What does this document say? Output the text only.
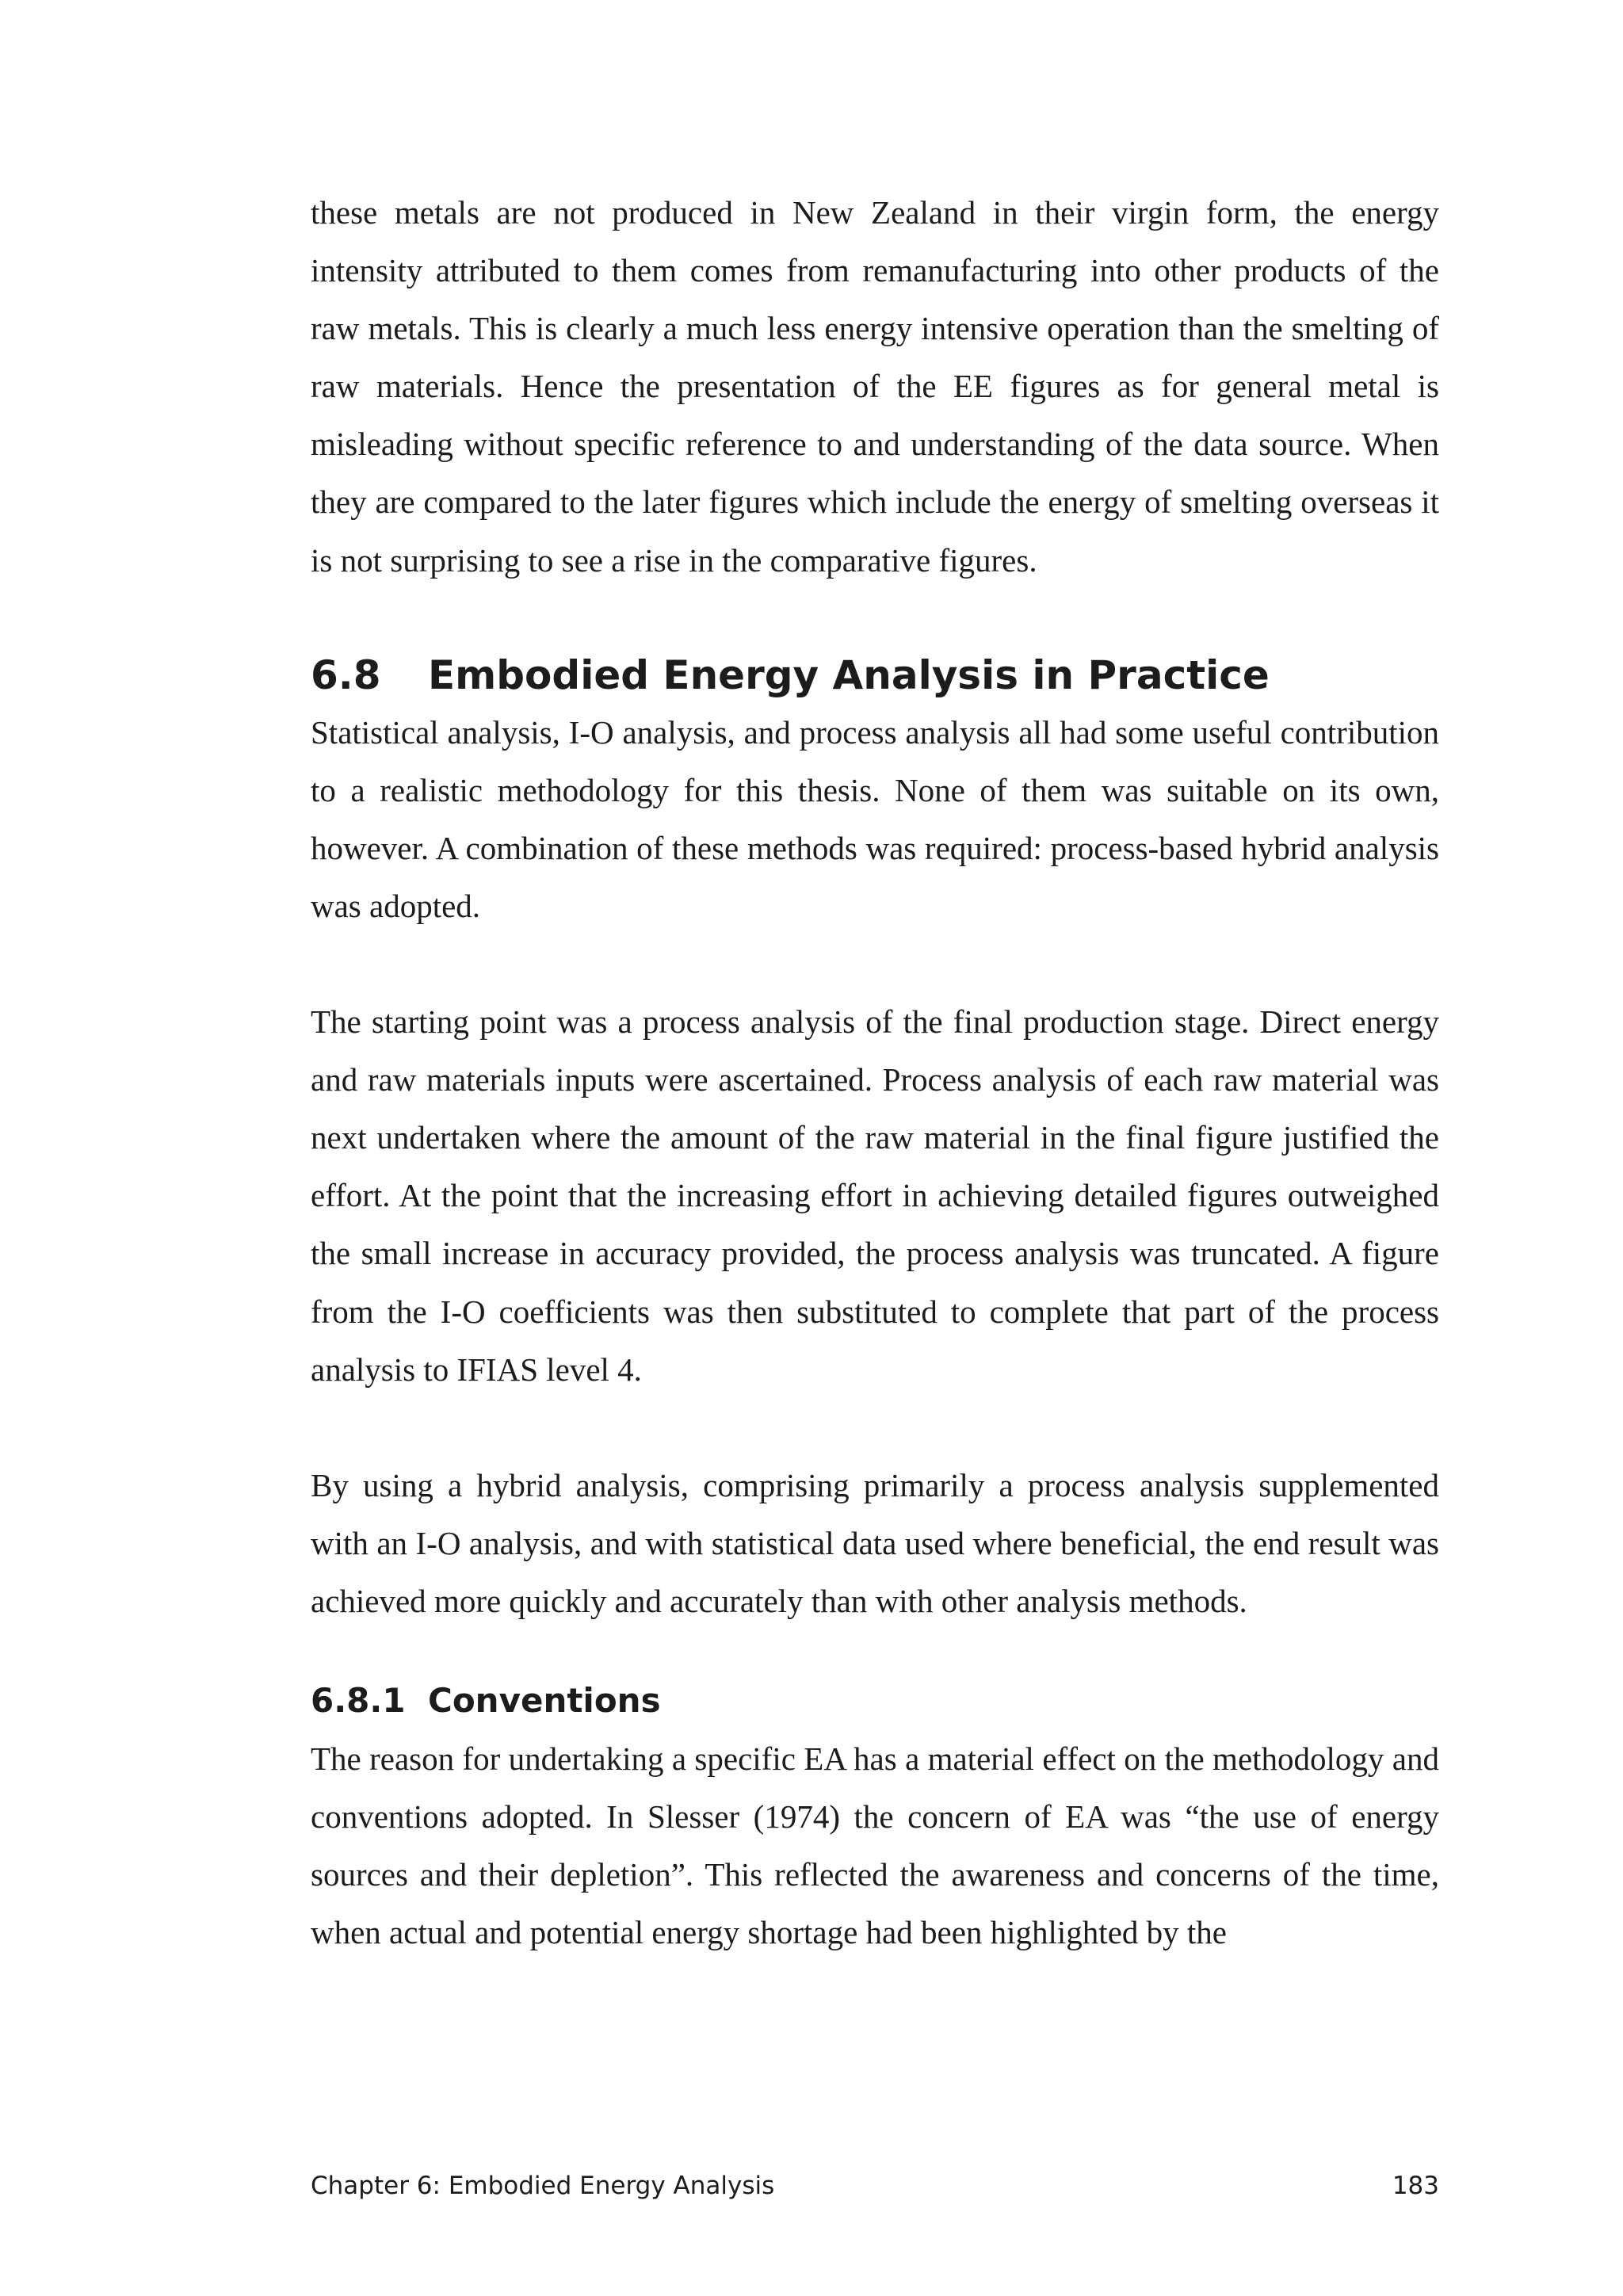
these metals are not produced in New Zealand in their virgin form, the energy intensity attributed to them comes from remanufacturing into other products of the raw metals. This is clearly a much less energy intensive operation than the smelting of raw materials. Hence the presentation of the EE figures as for general metal is misleading without specific reference to and understanding of the data source. When they are compared to the later figures which include the energy of smelting overseas it is not surprising to see a rise in the comparative figures.

6.8	Embodied Energy Analysis in Practice

Statistical analysis, I-O analysis, and process analysis all had some useful contribution to a realistic methodology for this thesis. None of them was suitable on its own, however. A combination of these methods was required: process-based hybrid analysis was adopted.

The starting point was a process analysis of the final production stage. Direct energy and raw materials inputs were ascertained. Process analysis of each raw material was next undertaken where the amount of the raw material in the final figure justified the effort. At the point that the increasing effort in achieving detailed figures outweighed the small increase in accuracy provided, the process analysis was truncated. A figure from the I-O coefficients was then substituted to complete that part of the process analysis to IFIAS level 4.

By using a hybrid analysis, comprising primarily a process analysis supplemented with an I-O analysis, and with statistical data used where beneficial, the end result was achieved more quickly and accurately than with other analysis methods.

6.8.1 Conventions

The reason for undertaking a specific EA has a material effect on the methodology and conventions adopted. In Slesser (1974) the concern of EA was “the use of energy sources and their depletion”. This reflected the awareness and concerns of the time, when actual and potential energy shortage had been highlighted by the

Chapter 6: Embodied Energy Analysis	183
